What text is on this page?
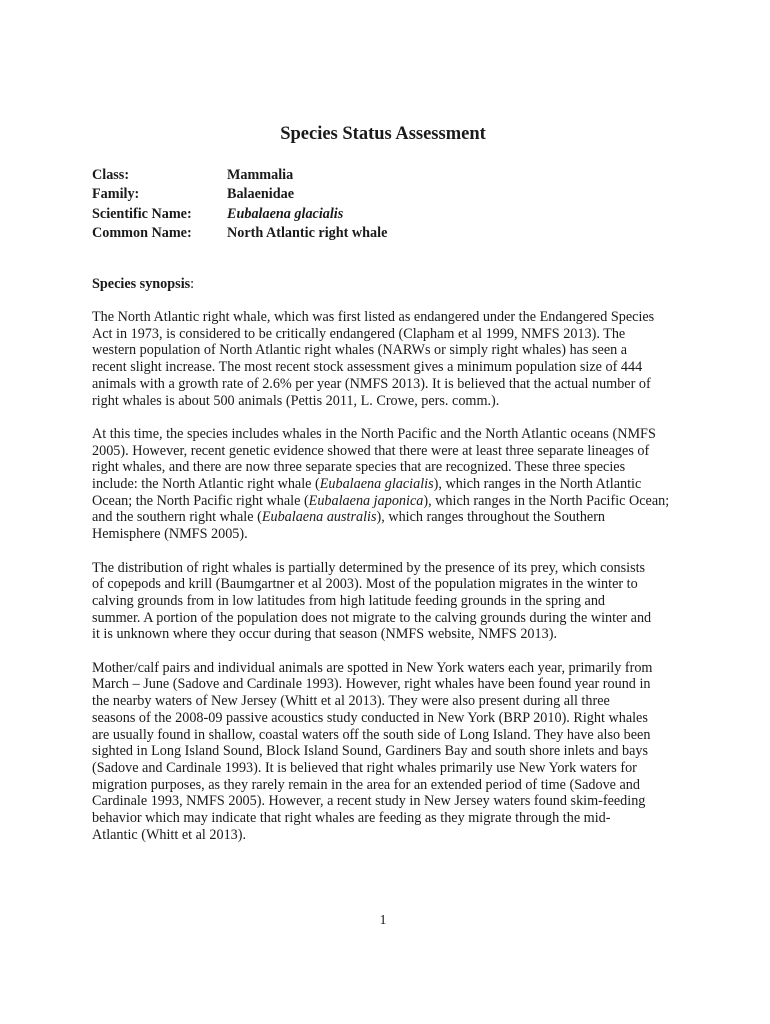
Species Status Assessment
Class:	Mammalia
Family:	Balaenidae
Scientific Name: Eubalaena glacialis
Common Name: North Atlantic right whale
Species synopsis:

The North Atlantic right whale, which was first listed as endangered under the Endangered Species
Act in 1973, is considered to be critically endangered (Clapham et al 1999, NMFS 2013). The
western population of North Atlantic right whales (NARWs or simply right whales) has seen a
recent slight increase. The most recent stock assessment gives a minimum population size of 444
animals with a growth rate of 2.6% per year (NMFS 2013). It is believed that the actual number of
right whales is about 500 animals (Pettis 2011, L. Crowe, pers. comm.).

At this time, the species includes whales in the North Pacific and the North Atlantic oceans (NMFS
2005). However, recent genetic evidence showed that there were at least three separate lineages of
right whales, and there are now three separate species that are recognized. These three species
include: the North Atlantic right whale (Eubalaena glacialis), which ranges in the North Atlantic
Ocean; the North Pacific right whale (Eubalaena japonica), which ranges in the North Pacific Ocean;
and the southern right whale (Eubalaena australis), which ranges throughout the Southern
Hemisphere (NMFS 2005).

The distribution of right whales is partially determined by the presence of its prey, which consists
of copepods and krill (Baumgartner et al 2003). Most of the population migrates in the winter to
calving grounds from in low latitudes from high latitude feeding grounds in the spring and
summer. A portion of the population does not migrate to the calving grounds during the winter and
it is unknown where they occur during that season (NMFS website, NMFS 2013).

Mother/calf pairs and individual animals are spotted in New York waters each year, primarily from
March – June (Sadove and Cardinale 1993). However, right whales have been found year round in
the nearby waters of New Jersey (Whitt et al 2013). They were also present during all three
seasons of the 2008-09 passive acoustics study conducted in New York (BRP 2010). Right whales
are usually found in shallow, coastal waters off the south side of Long Island. They have also been
sighted in Long Island Sound, Block Island Sound, Gardiners Bay and south shore inlets and bays
(Sadove and Cardinale 1993). It is believed that right whales primarily use New York waters for
migration purposes, as they rarely remain in the area for an extended period of time (Sadove and
Cardinale 1993, NMFS 2005). However, a recent study in New Jersey waters found skim-feeding
behavior which may indicate that right whales are feeding as they migrate through the mid-
Atlantic (Whitt et al 2013).

1
